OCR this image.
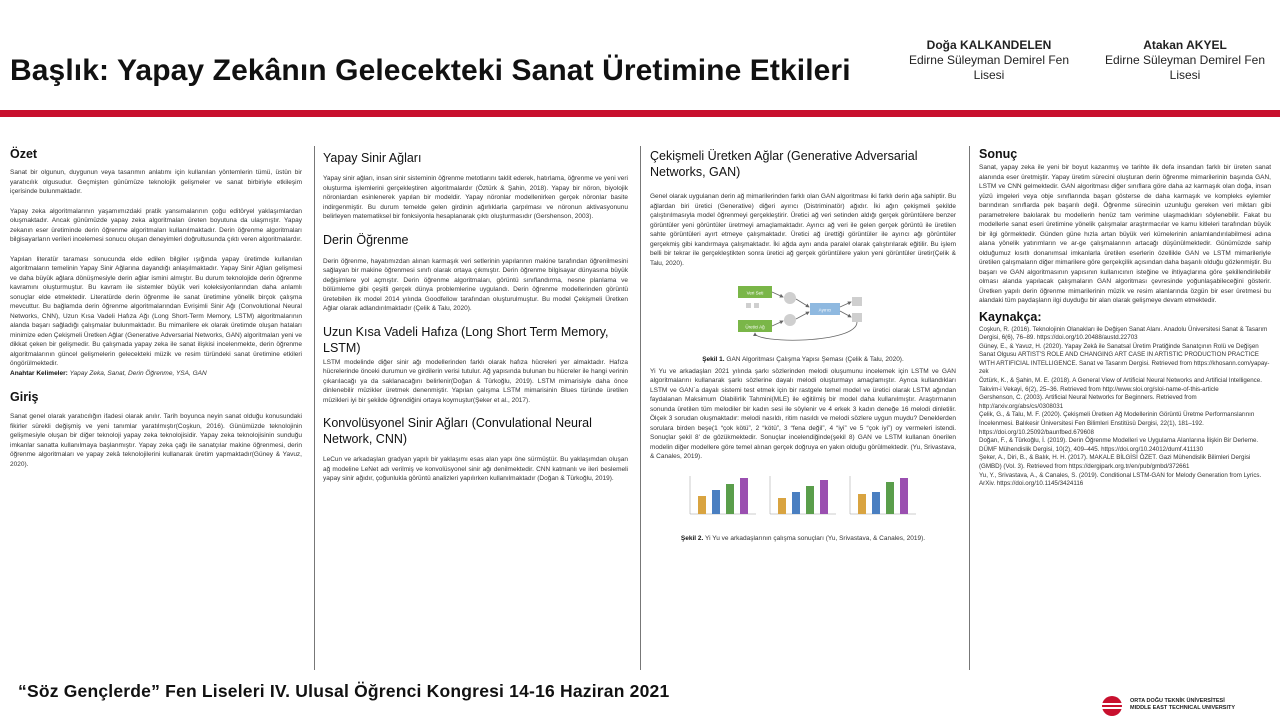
Başlık: Yapay Zekânın Gelecekteki Sanat Üretimine Etkileri
Doğa KALKANDELEN
Edirne Süleyman Demirel Fen
Lisesi
Atakan AKYEL
Edirne Süleyman Demirel Fen
Lisesi
Özet

Sanat bir olgunun, duygunun veya tasarımın anlatımı için kullanılan yöntemlerin tümü, üstün bir yaratıcılık olgusudur. Geçmişten günümüze teknolojik gelişmeler ve sanat birbiriyle etkileşim içerisinde bulunmaktadır.

Yapay zeka algoritmalarının yaşamımızdaki pratik yansımalarının çoğu editöryel yaklaşımlardan oluşmaktadır. Ancak günümüzde yapay zeka algoritmaları üreten boyutuna da ulaşmıştır. Yapay zekanın eser üretiminde derin öğrenme algoritmaları kullanılmaktadır. Derin öğrenme algoritmaları bilgisayarların verileri incelemesi sonucu oluşan deneyimleri doğrultusunda çıktı veren algoritmalardır.

Yapılan literatür taraması sonucunda elde edilen bilgiler ışığında yapay üretimde kullanılan algoritmaların temelinin Yapay Sinir Ağlarına dayandığı anlaşılmaktadır. Yapay Sinir Ağları gelişmesi ve daha büyük ağlara dönüşmesiyle derin ağlar ismini almıştır. Bu durum teknolojide derin öğrenme kavramını oluşturmuştur. Bu kavram ile sistemler büyük veri koleksiyonlarından daha anlamlı sonuçlar elde etmektedir. Literatürde derin öğrenme ile sanat üretimine yönelik birçok çalışma mevcuttur. Bu bağlamda derin öğrenme algoritmalarından Evrişimli Sinir Ağı (Convolutional Neural Networks, CNN), Uzun Kısa Vadeli Hafıza Ağı (Long Short-Term Memory, LSTM) algoritmalarının alanda başarı sağladığı çalışmalar bulunmaktadır. Bu mimarilere ek olarak üretimde oluşan hataları minimize eden Çekişmeli Üretken Ağlar (Generative Adversarial Networks, GAN) algoritmaları yeni ve dikkat çeken bir gelişmedir. Bu çalışmada yapay zeka ile sanat ilişkisi incelenmekte, derin öğrenme algoritmalarının güncel gelişmelerin gelecekteki müzik ve resim türündeki sanat üretimine etkileri öngörülmektedir.

Anahtar Kelimeler: Yapay Zeka, Sanat, Derin Öğrenme, YSA, GAN
Giriş

Sanat genel olarak yaratıcılığın ifadesi olarak anılır. Tarih boyunca neyin sanat olduğu konusundaki fikirler sürekli değişmiş ve yeni tanımlar yaratılmıştır(Coşkun, 2016). Günümüzde teknolojinin gelişmesiyle oluşan bir diğer teknoloji yapay zeka teknolojisidir. Yapay zeka teknolojisinin sunduğu imkanlar sanatta kullanılmaya başlanmıştır. Yapay zeka çağı ile sanatçılar makine öğrenmesi, derin öğrenme algoritmaları ve yapay zekâ teknolojilerini kullanarak üretim yapmaktadır(Güney & Yavuz, 2020).

Yapay Sinir Ağları

Yapay sinir ağları, insan sinir sisteminin öğrenme metotlarını taklit ederek, hatırlama, öğrenme ve yeni veri oluşturma işlemlerini gerçekleştiren algoritmalardır (Öztürk & Şahin, 2018). Yapay bir nöron, biyolojik nöronlardan esinlenerek yapılan bir modeldir. Yapay nöronlar modellenirken gerçek nöronlar basite indirgenmiştir. Bu durum temelde gelen girdinin ağırlıklarla çarpılması ve nöronun aktivasyonunu belirleyen matematiksel bir fonksiyonla hesaplanarak çıktı oluşturmasıdır (Gershenson, 2003).

Derin Öğrenme

Derin öğrenme, hayatımızdan alınan karmaşık veri setlerinin yapılarının makine tarafından öğrenilmesini sağlayan bir makine öğrenmesi sınıfı olarak ortaya çıkmıştır. Derin öğrenme bilgisayar dünyasına büyük değişimlere yol açmıştır. Derin öğrenme algoritmaları, görüntü sınıflandırma, nesne planlama ve bölümleme gibi çeşitli gerçek dünya problemlerine uygulandı. Derin öğrenme modellerinden görüntü üretebilen ilk model 2014 yılında Goodfellow tarafından oluşturulmuştur. Bu model Çekişmeli Üretken Ağlar olarak adlandırılmaktadır (Çelik & Talu, 2020).

Uzun Kısa Vadeli Hafıza (Long Short Term Memory, LSTM)

LSTM modelinde diğer sinir ağı modellerinden farklı olarak hafıza hücreleri yer almaktadır. Hafıza hücrelerinde önceki durumun ve girdilerin verisi tutulur. Ağ yapısında bulunan bu hücreler ile hangi verinin çıkarılacağı ya da saklanacağını belirlenir(Doğan & Türkoğlu, 2019). LSTM mimarisiyle daha önce dinlenebilir müzikler üretmek denenmiştir. Yapılan çalışma LSTM mimarisinin Blues türünde üretilen müzikleri iyi bir şekilde öğrendiğini ortaya koymuştur(Şeker et al., 2017).

Konvolüsyonel Sinir Ağları (Convulational Neural Network, CNN)

LeCun ve arkadaşları gradyan yapılı bir yaklaşımı esas alan yapı öne sürmüştür. Bu yaklaşımdan oluşan ağ modeline LeNet adı verilmiş ve konvolüsyonel sinir ağı denilmektedir. CNN katmanlı ve ileri beslemeli yapay sinir ağıdır, çoğunlukla görüntü analizleri yapılırken kullanılmaktadır (Doğan & Türkoğlu, 2019).

Çekişmeli Üretken Ağlar (Generative Adversarial Networks, GAN)

Genel olarak uygulanan derin ağ mimarilerinden farklı olan GAN algoritması iki farklı derin ağa sahiptir. Bu ağlardan biri üretici (Generative) diğeri ayırıcı (Distriminatör) ağıdır. İki ağın çekişmeli şekilde çalıştırılmasıyla model öğrenmeyi gerçekleştirir. Üretici ağ veri setinden aldığı gerçek görüntülere benzer görüntüler yeni görüntüler üretmeyi amaçlamaktadır. Ayırıcı ağ veri ile gelen gerçek görüntü ile üretilen sahte görüntüleri ayırt etmeye çalışmaktadır. Üretici ağ ürettiği görüntüler ile ayırıcı ağı görüntüler gerçekmiş gibi kandırmaya çalışmaktadır. İki ağda aynı anda paralel olarak çalıştırılarak eğitilir. Bu işlem belli bir tekrar ile gerçekleştikten sonra üretici ağ gerçek görüntülere yakın yeni görüntüler üretir(Çelik & Talu, 2020).

Veri Seti
Üretici Ağ
Ayırıcı
Şekil 1. GAN Algoritması Çalışma Yapısı Şeması (Çelik & Talu, 2020).

Yi Yu ve arkadaşları 2021 yılında şarkı sözlerinden melodi oluşumunu incelemek için LSTM ve GAN algoritmalarını kullanarak şarkı sözlerine dayalı melodi oluşturmayı amaçlamıştır. Ayrıca kullandıkları LSTM ve GAN`a dayalı sistemi test etmek için bir rastgele temel model ve üretici olarak LSTM ağından faydalanan Maksimum Olabilirlik Tahmini(MLE) ile eğitilmiş bir model daha kullanılmıştır. Araştırmanın sonunda üretilen tüm melodiler bir kadın sesi ile söylenir ve 4 erkek 3 kadın deneğe 16 melodi dinletilir. Ölçek 3 sorudan oluşmaktadır: melodi nasıldı, ritim nasıldı ve melodi sözlere uygun muydu? Deneklerden sorulara birden beşe(1 “çok kötü”, 2 “kötü”, 3 “fena değil”, 4 “iyi” ve 5 “çok iyi”) oy vermeleri istendi. Sonuçlar şekil 8' de gözükmektedir. Sonuçlar incelendiğinde(şekil 8) GAN ve LSTM kullanan önerilen modelin diğer modellere göre temel alınan gerçek doğruya en yakın olduğu görülmektedir. (Yu, Srivastava, & Canales, 2019).

Şekil 2. Yi Yu ve arkadaşlarının çalışma sonuçları (Yu, Srivastava, & Canales, 2019).
Sonuç

Sanat, yapay zeka ile yeni bir boyut kazanmış ve tarihte ilk defa insandan farklı bir üreten sanat alanında eser üretmiştir. Yapay üretim sürecini oluşturan derin öğrenme mimarilerinin başında GAN, LSTM ve CNN gelmektedir. GAN algoritması diğer sınıflara göre daha az karmaşık olan doğa, insan yüzü imgeleri veya obje sınıflarında başarı gösterse de daha karmaşık ve kompleks eylemler barındıran sınıflarda pek başarılı değil. Öğrenme sürecinin uzunluğu gereken veri miktarı gibi parametrelere bakılarak bu modellerin henüz tam verimine ulaşmadıkları söylenebilir. Fakat bu modellerle sanat eseri üretimine yönelik çalışmalar araştırmacılar ve kamu kitleleri tarafından büyük bir ilgi görmektedir. Günden güne hızla artan büyük veri kümelerinin anlamlandırılabilmesi adına alana yönelik yatırımların ve ar-ge çalışmalarının artacağı düşünülmektedir. Günümüzde sahip olduğumuz kısıtlı donanımsal imkanlarla üretilen eserlerin özellikle GAN ve LSTM mimarileriyle üretilen çalışmaların diğer mimarilere göre gerçekçilik açısından daha başarılı olduğu gözlenmiştir. Bu başarı ve GAN algoritmasının yapısının kullanıcının isteğine ve ihtiyaçlarına göre şekillendirilebilir olması alanda yapılacak çalışmaların GAN algoritması çevresinde yoğunlaşabileceğini gösterir. Üretken yapılı derin öğrenme mimarilerinin müzik ve resim alanlarında özgün bir eser üretmesi bu alandaki tüm paydaşların ilgi duyduğu bir alan olarak gelişmeye devam etmektedir.

Kaynakça:
Coşkun, R. (2016). Teknolojinin Olanakları ile Değişen Sanat Alanı. Anadolu Üniversitesi Sanat & Tasarım Dergisi, 6(6), 76–89. https://doi.org/10.20488/austd.22703
Güney, E., & Yavuz, H. (2020). Yapay Zekâ ile Sanatsal Üretim Pratiğinde Sanatçının Rolü ve Değişen Sanat Olgusu ARTIST'S ROLE AND CHANGING ART CASE IN ARTISTIC PRODUCTION PRACTICE WITH ARTIFICIAL INTELLIGENCE. Sanat ve Tasarım Dergisi. Retrieved from https://khosann.com/yapay-zek
Öztürk, K., & Şahin, M. E. (2018). A General View of Artificial Neural Networks and Artificial Intelligence. Takvim-i Vekayi, 6(2), 25–36. Retrieved from http://www.sloi.org/sloi-name-of-this-article
Gershenson, C. (2003). Artificial Neural Networks for Beginners. Retrieved from http://arxiv.org/abs/cs/0308031
Çelik, G., & Talu, M. F. (2020). Çekişmeli Üretken Ağ Modellerinin Görüntü Üretme Performanslarının İncelenmesi. Balıkesir Üniversitesi Fen Bilimleri Enstitüsü Dergisi, 22(1), 181–192. https://doi.org/10.25092/baunfbed.679608
Doğan, F., & Türkoğlu, İ. (2019). Derin Öğrenme Modelleri ve Uygulama Alanlarına İlişkin Bir Derleme. DÜMF Mühendislik Dergisi, 10(2), 409–445. https://doi.org/10.24012/dumf.411130
Şeker, A., Diri, B., & Balık, H. H. (2017). MAKALE BİLGİSİ ÖZET. Gazi Mühendislik Bilimleri Dergisi (GMBD) (Vol. 3). Retrieved from https://dergipark.org.tr/en/pub/gmbd/372661
Yu, Y., Srivastava, A., & Canales, S. (2019). Conditional LSTM-GAN for Melody Generation from Lyrics. ArXiv. https://doi.org/10.1145/3424116
“Söz Gençlerde” Fen Liseleri IV. Ulusal Öğrenci Kongresi 14-16 Haziran 2021	ORTA DOĞU TEKNİK ÜNİVERSİTESİ
MIDDLE EAST TECHNICAL UNIVERSITY
